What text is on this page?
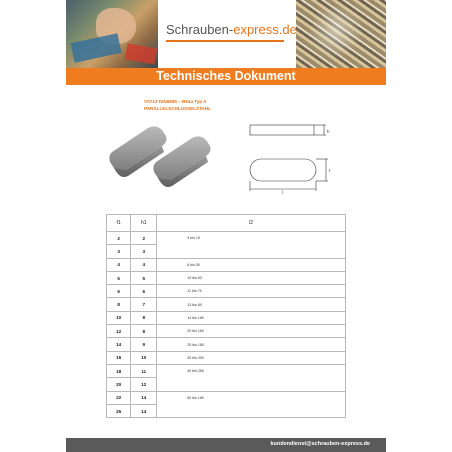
Schrauben-express.de
Technisches Dokument
V0712-DIN6885 – B54a Typ A
PARALLELSCHLÜSSELSTAHL
h
t
l
f1	h1	l2
2	2	4 bis 15
3	3	
4	4	6 bis 50
5	5	10 bis 63
6	6	11 bis 75
8	7	13 bis 80
10	8	14 bis 180
12	8	20 bis 160
14	9	25 bis 180
16	10	30 bis 200
18	11	40 bis 280
20	12	
22	14	60 bis 180
25	14	
kundendienst@schrauben-express.de
